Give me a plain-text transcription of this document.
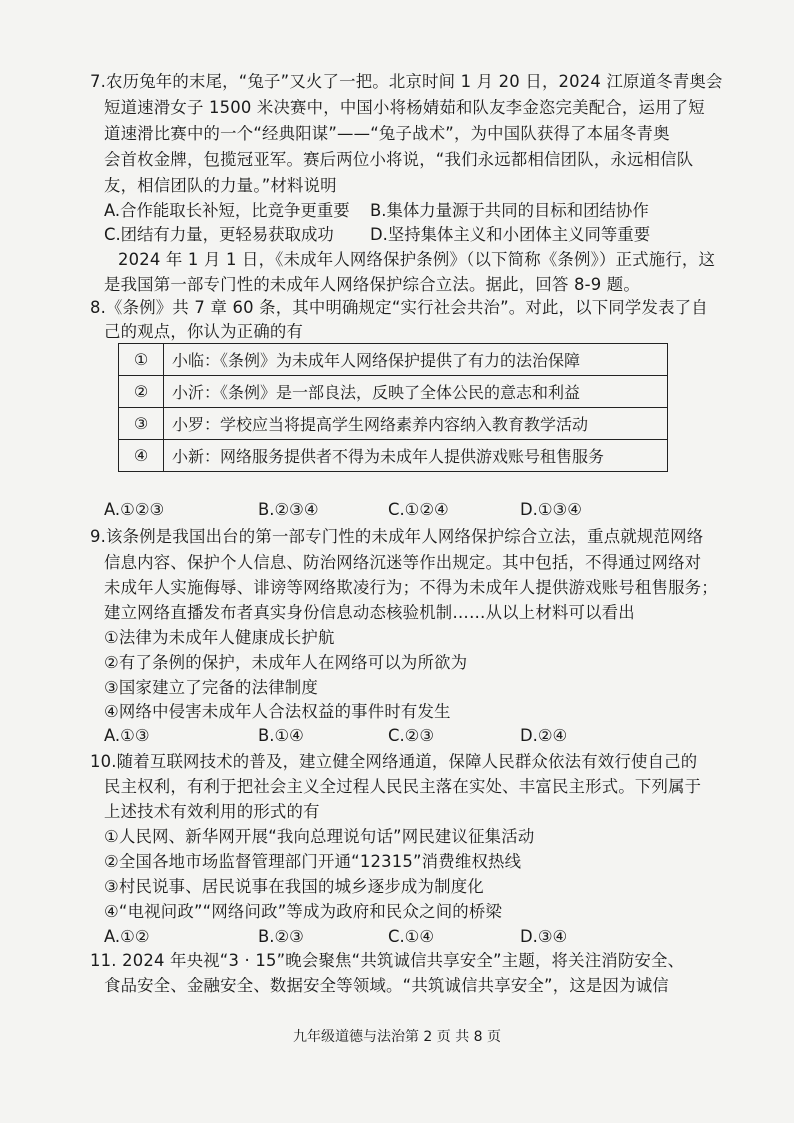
7.农历兔年的末尾，“兔子”又火了一把。北京时间 1 月 20 日，2024 江原道冬青奥会
短道速滑女子 1500 米决赛中，中国小将杨婧茹和队友李金恣完美配合，运用了短
道速滑比赛中的一个“经典阳谋”——“兔子战术”，为中国队获得了本届冬青奥
会首枚金牌，包揽冠亚军。赛后两位小将说，“我们永远都相信团队，永远相信队
友，相信团队的力量。”材料说明
A.合作能取长补短，比竞争更重要 B.集体力量源于共同的目标和团结协作
C.团结有力量，更轻易获取成功 D.坚持集体主义和小团体主义同等重要
2024 年 1 月 1 日，《未成年人网络保护条例》（以下简称《条例》）正式施行，这
是我国第一部专门性的未成年人网络保护综合立法。据此，回答 8-9 题。
8.《条例》共 7 章 60 条，其中明确规定“实行社会共治”。对此，以下同学发表了自
己的观点，你认为正确的有
①	小临：《条例》为未成年人网络保护提供了有力的法治保障
②	小沂：《条例》是一部良法，反映了全体公民的意志和利益
③	小罗：学校应当将提高学生网络素养内容纳入教育教学活动
④	小新：网络服务提供者不得为未成年人提供游戏账号租售服务
A.①②③	B.②③④	C.①②④	D.①③④
9.该条例是我国出台的第一部专门性的未成年人网络保护综合立法，重点就规范网络
信息内容、保护个人信息、防治网络沉迷等作出规定。其中包括，不得通过网络对
未成年人实施侮辱、诽谤等网络欺凌行为；不得为未成年人提供游戏账号租售服务；
建立网络直播发布者真实身份信息动态核验机制……从以上材料可以看出
①法律为未成年人健康成长护航
②有了条例的保护，未成年人在网络可以为所欲为
③国家建立了完备的法律制度
④网络中侵害未成年人合法权益的事件时有发生
A.①③	B.①④	C.②③	D.②④
10.随着互联网技术的普及，建立健全网络通道，保障人民群众依法有效行使自己的
民主权利，有利于把社会主义全过程人民民主落在实处、丰富民主形式。下列属于
上述技术有效利用的形式的有
①人民网、新华网开展“我向总理说句话”网民建议征集活动
②全国各地市场监督管理部门开通“12315”消费维权热线
③村民说事、居民说事在我国的城乡逐步成为制度化
④“电视问政”“网络问政”等成为政府和民众之间的桥梁
A.①②	B.②③	C.①④	D.③④
11. 2024 年央视“3 · 15”晚会聚焦“共筑诚信共享安全”主题，将关注消防安全、
食品安全、金融安全、数据安全等领域。“共筑诚信共享安全”，这是因为诚信
九年级道德与法治第 2 页 共 8 页
